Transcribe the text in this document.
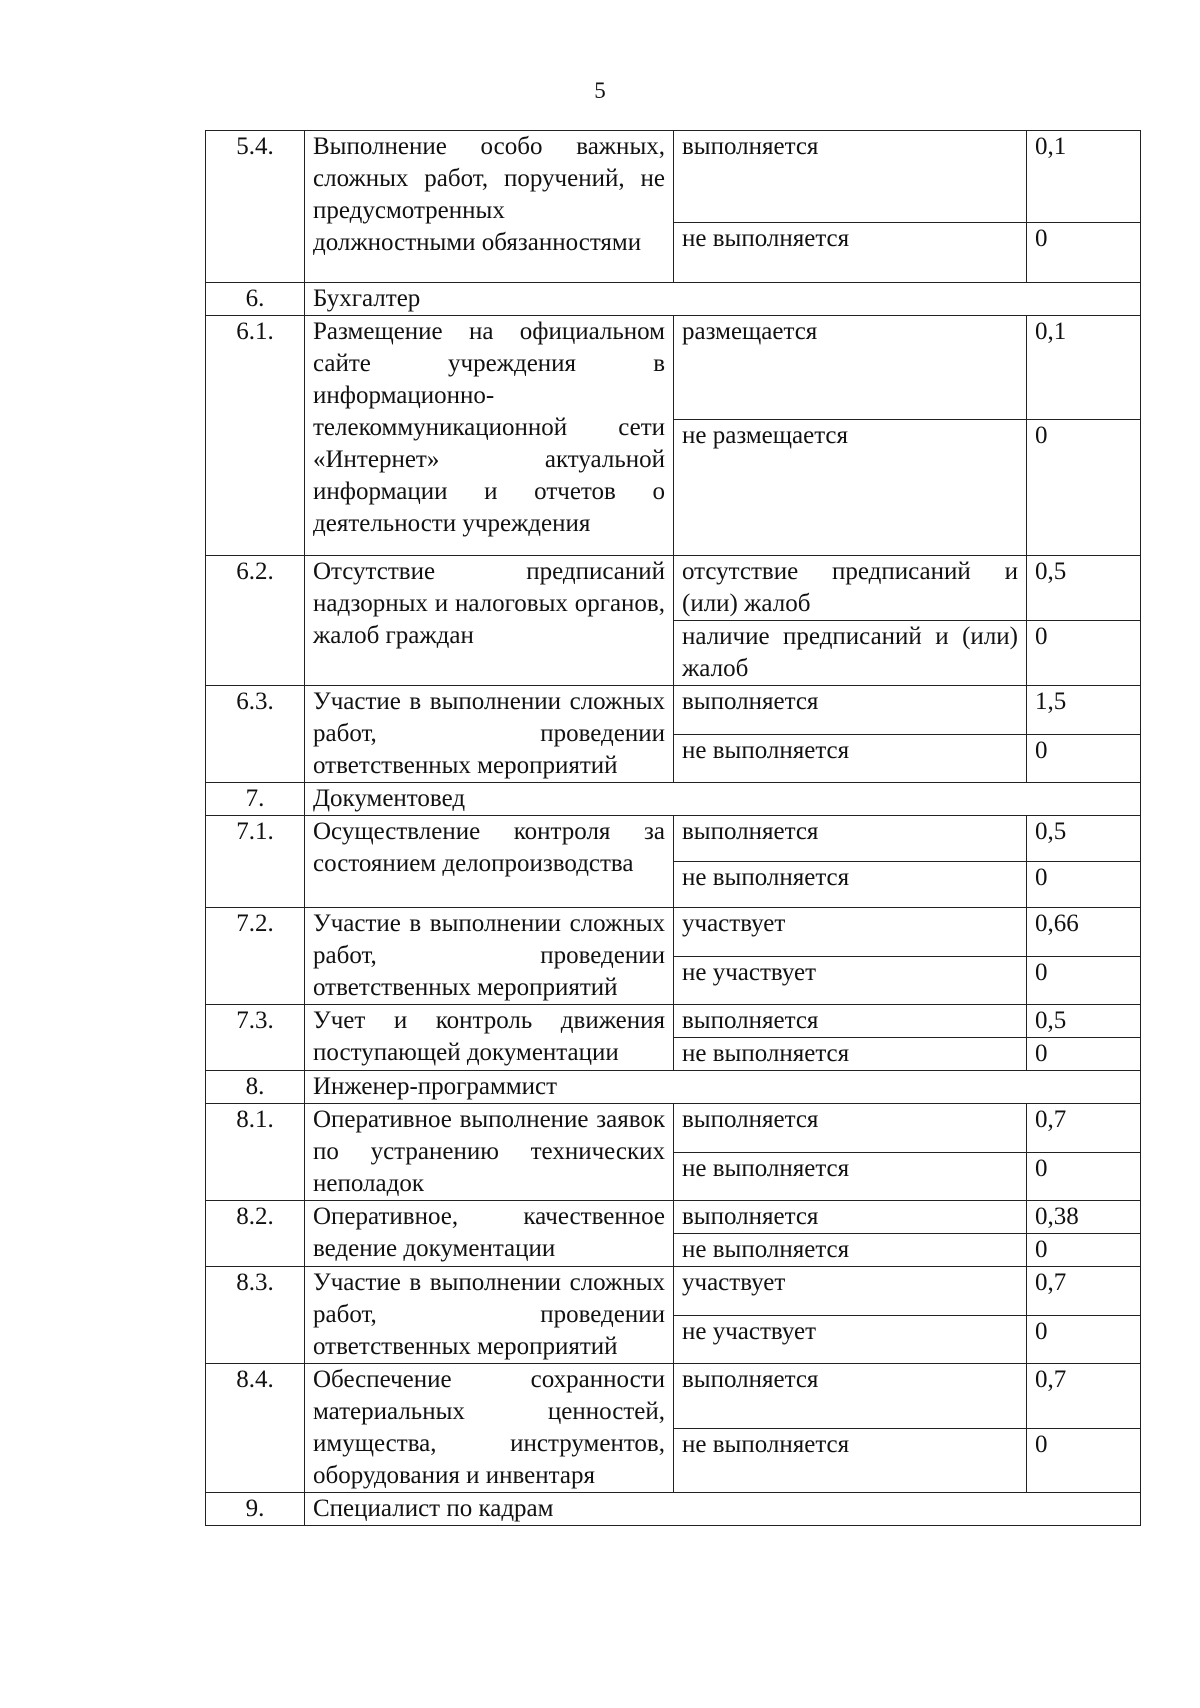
5
5.4.	Выполнение особо важных, сложных работ, поручений, не предусмотренных должностными обязанностями	выполняется	0,1
		не выполняется	0
6.	Бухгалтер		
6.1.	Размещение на официальном сайте учреждения в информационно-телекоммуникационной сети «Интернет» актуальной информации и отчетов о деятельности учреждения	размещается	0,1
		не размещается	0
6.2.	Отсутствие предписаний надзорных и налоговых органов, жалоб граждан	отсутствие предписаний и (или) жалоб	0,5
		наличие предписаний и (или) жалоб	0
6.3.	Участие в выполнении сложных работ, проведении ответственных мероприятий	выполняется	1,5
		не выполняется	0
7.	Документовед		
7.1.	Осуществление контроля за состоянием делопроизводства	выполняется	0,5
		не выполняется	0
7.2.	Участие в выполнении сложных работ, проведении ответственных мероприятий	участвует	0,66
		не участвует	0
7.3.	Учет и контроль движения поступающей документации	выполняется	0,5
		не выполняется	0
8.	Инженер-программист		
8.1.	Оперативное выполнение заявок по устранению технических неполадок	выполняется	0,7
		не выполняется	0
8.2.	Оперативное, качественное ведение документации	выполняется	0,38
		не выполняется	0
8.3.	Участие в выполнении сложных работ, проведении ответственных мероприятий	участвует	0,7
		не участвует	0
8.4.	Обеспечение сохранности материальных ценностей, имущества, инструментов, оборудования и инвентаря	выполняется	0,7
		не выполняется	0
9.	Специалист по кадрам		
